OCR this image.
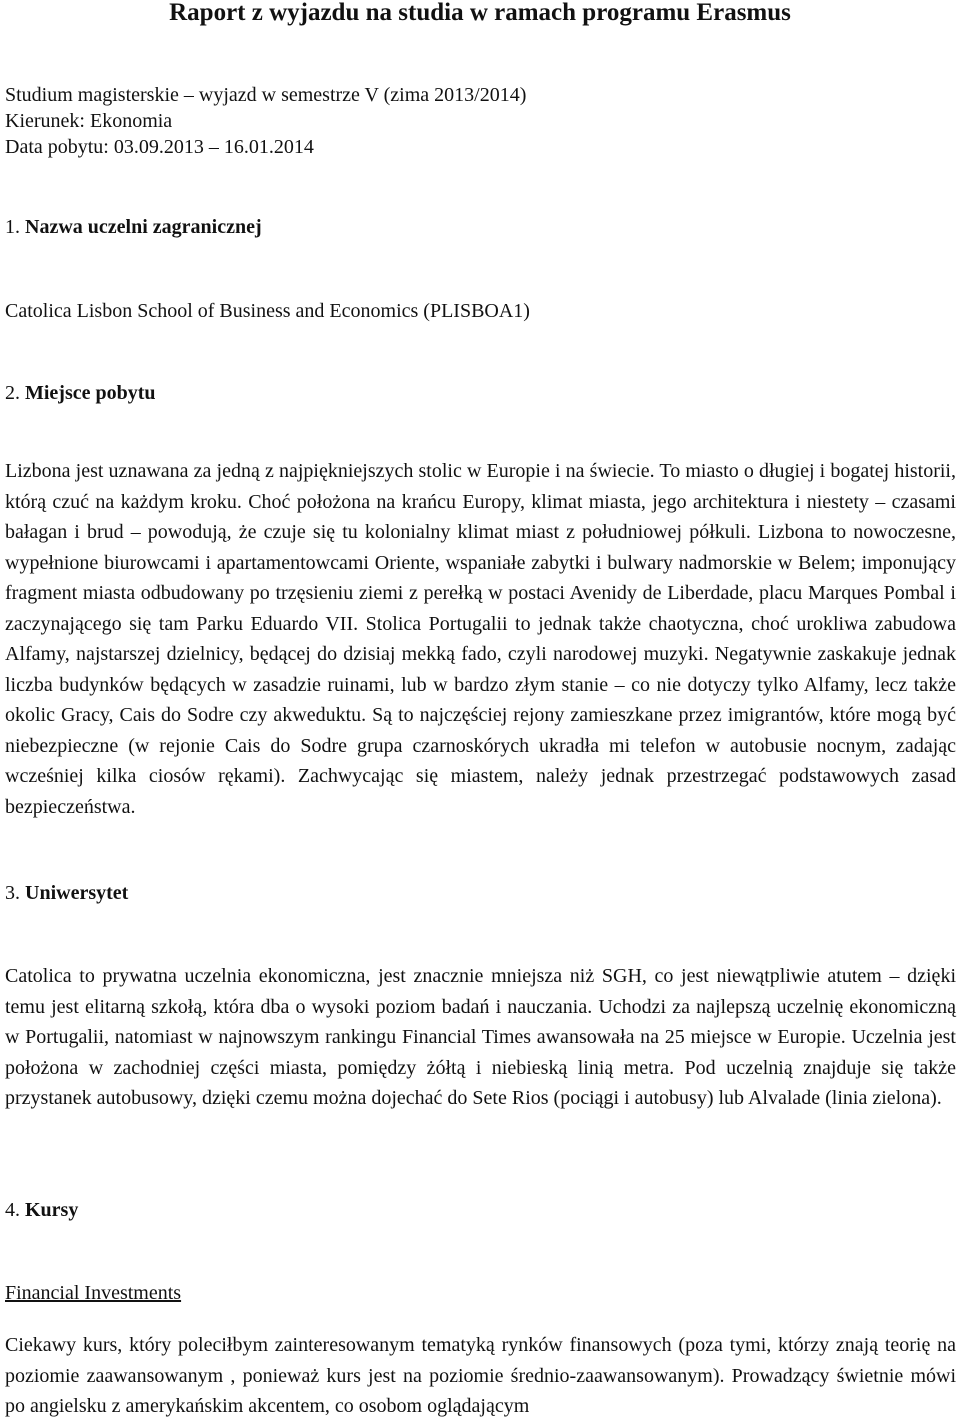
Raport z wyjazdu na studia w ramach programu Erasmus

Studium magisterskie – wyjazd w semestrze V (zima 2013/2014)

Kierunek: Ekonomia

Data pobytu: 03.09.2013 – 16.01.2014

1. Nazwa uczelni zagranicznej

Catolica Lisbon School of Business and Economics (PLISBOA1)

2. Miejsce pobytu

Lizbona jest uznawana za jedną z najpiękniejszych stolic w Europie i na świecie. To miasto o długiej i bogatej historii, którą czuć na każdym kroku. Choć położona na krańcu Europy, klimat miasta, jego architektura i niestety – czasami bałagan i brud – powodują, że czuje się tu kolonialny klimat miast z południowej półkuli. Lizbona to nowoczesne, wypełnione biurowcami i apartamentowcami Oriente, wspaniałe zabytki i bulwary nadmorskie w Belem; imponujący fragment miasta odbudowany po trzęsieniu ziemi z perełką w postaci Avenidy de Liberdade, placu Marques Pombal i zaczynającego się tam Parku Eduardo VII. Stolica Portugalii to jednak także chaotyczna, choć urokliwa zabudowa Alfamy, najstarszej dzielnicy, będącej do dzisiaj mekką fado, czyli narodowej muzyki. Negatywnie zaskakuje jednak liczba budynków będących w zasadzie ruinami, lub w bardzo złym stanie – co nie dotyczy tylko Alfamy, lecz także okolic Gracy, Cais do Sodre czy akweduktu. Są to najczęściej rejony zamieszkane przez imigrantów, które mogą być niebezpieczne (w rejonie Cais do Sodre grupa czarnoskórych ukradła mi telefon w autobusie nocnym, zadając wcześniej kilka ciosów rękami). Zachwycając się miastem, należy jednak przestrzegać podstawowych zasad bezpieczeństwa.

3. Uniwersytet

Catolica to prywatna uczelnia ekonomiczna, jest znacznie mniejsza niż SGH, co jest niewątpliwie atutem – dzięki temu jest elitarną szkołą, która dba o wysoki poziom badań i nauczania. Uchodzi za najlepszą uczelnię ekonomiczną w Portugalii, natomiast w najnowszym rankingu Financial Times awansowała na 25 miejsce w Europie. Uczelnia jest położona w zachodniej części miasta, pomiędzy żółtą i niebieską linią metra. Pod uczelnią znajduje się także przystanek autobusowy, dzięki czemu można dojechać do Sete Rios (pociągi i autobusy) lub Alvalade (linia zielona).

4. Kursy

Financial Investments

Ciekawy kurs, który poleciłbym zainteresowanym tematyką rynków finansowych (poza tymi, którzy znają teorię na poziomie zaawansowanym , ponieważ kurs jest na poziomie średnio-zaawansowanym). Prowadzący świetnie mówi po angielsku z amerykańskim akcentem, co osobom oglądającym
